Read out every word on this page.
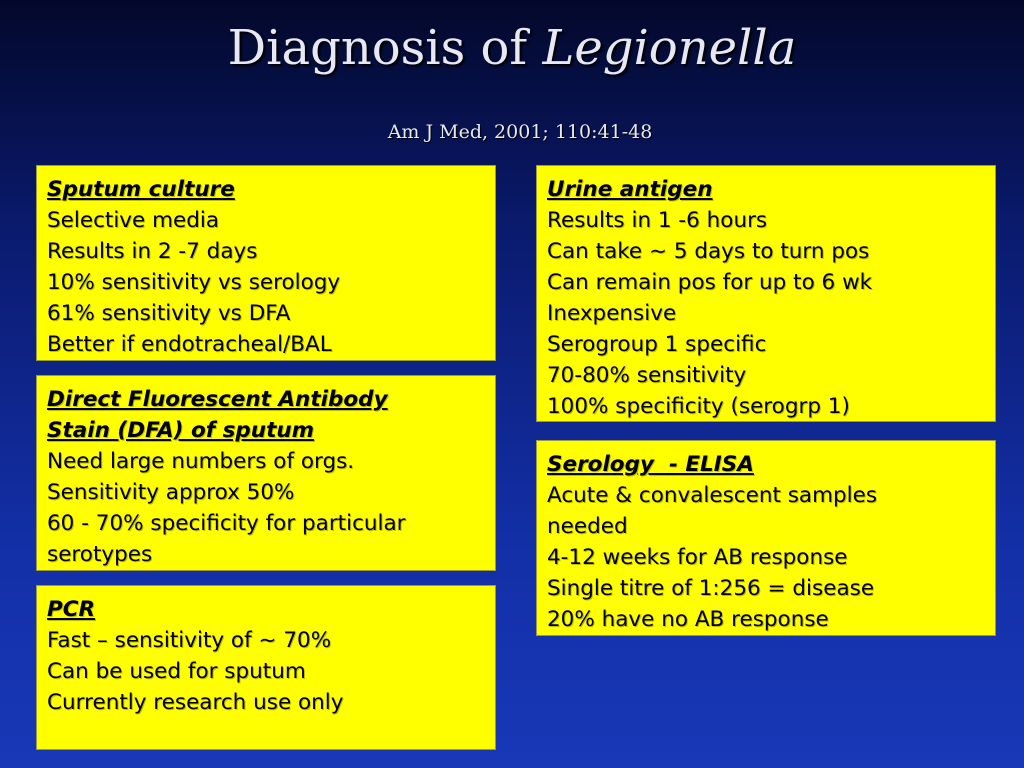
Diagnosis of Legionella
Am J Med, 2001; 110:41-48
Sputum culture
Selective media
Results in 2 -7 days
10% sensitivity vs serology
61% sensitivity vs DFA
Better if endotracheal/BAL
Direct Fluorescent Antibody
Stain (DFA) of sputum
Need large numbers of orgs.
Sensitivity approx 50%
60 - 70% specificity for particular
serotypes
PCR
Fast – sensitivity of ~ 70%
Can be used for sputum
Currently research use only
Urine antigen
Results in 1 -6 hours
Can take ~ 5 days to turn pos
Can remain pos for up to 6 wk
Inexpensive
Serogroup 1 specific
70-80% sensitivity
100% specificity (serogrp 1)
Serology  - ELISA
Acute & convalescent samples
needed
4-12 weeks for AB response
Single titre of 1:256 = disease
20% have no AB response
